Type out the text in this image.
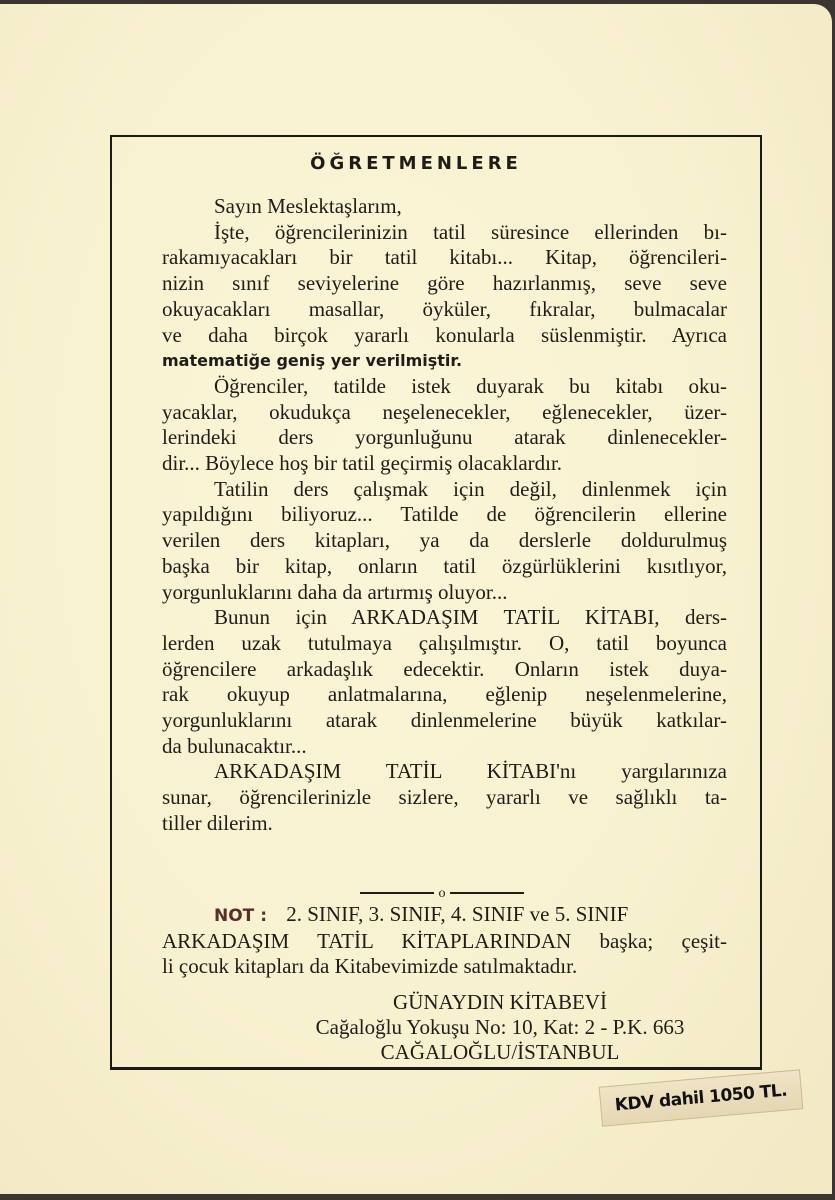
ÖĞRETMENLERE
Sayın Meslektaşlarım,
İşte, öğrencilerinizin tatil süresince ellerinden bı-
rakamıyacakları bir tatil kitabı... Kitap, öğrencileri-
nizin sınıf seviyelerine göre hazırlanmış, seve seve
okuyacakları masallar, öyküler, fıkralar, bulmacalar
ve daha birçok yararlı konularla süslenmiştir. Ayrıca
matematiğe geniş yer verilmiştir.
Öğrenciler, tatilde istek duyarak bu kitabı oku-
yacaklar, okudukça neşelenecekler, eğlenecekler, üzer-
lerindeki ders yorgunluğunu atarak dinlenecekler-
dir... Böylece hoş bir tatil geçirmiş olacaklardır.
Tatilin ders çalışmak için değil, dinlenmek için
yapıldığını biliyoruz... Tatilde de öğrencilerin ellerine
verilen ders kitapları, ya da derslerle doldurulmuş
başka bir kitap, onların tatil özgürlüklerini kısıtlıyor,
yorgunluklarını daha da artırmış oluyor...
Bunun için ARKADAŞIM TATİL KİTABI, ders-
lerden uzak tutulmaya çalışılmıştır. O, tatil boyunca
öğrencilere arkadaşlık edecektir. Onların istek duya-
rak okuyup anlatmalarına, eğlenip neşelenmelerine,
yorgunluklarını atarak dinlenmelerine büyük katkılar-
da bulunacaktır...
ARKADAŞIM TATİL KİTABI'nı yargılarınıza
sunar, öğrencilerinizle sizlere, yararlı ve sağlıklı ta-
tiller dilerim.
o
NOT : 2. SINIF, 3. SINIF, 4. SINIF ve 5. SINIF
ARKADAŞIM TATİL KİTAPLARINDAN başka; çeşit-
li çocuk kitapları da Kitabevimizde satılmaktadır.
GÜNAYDIN KİTABEVİ
Cağaloğlu Yokuşu No: 10, Kat: 2 - P.K. 663
CAĞALOĞLU/İSTANBUL
KDV dahil 1050 TL.
